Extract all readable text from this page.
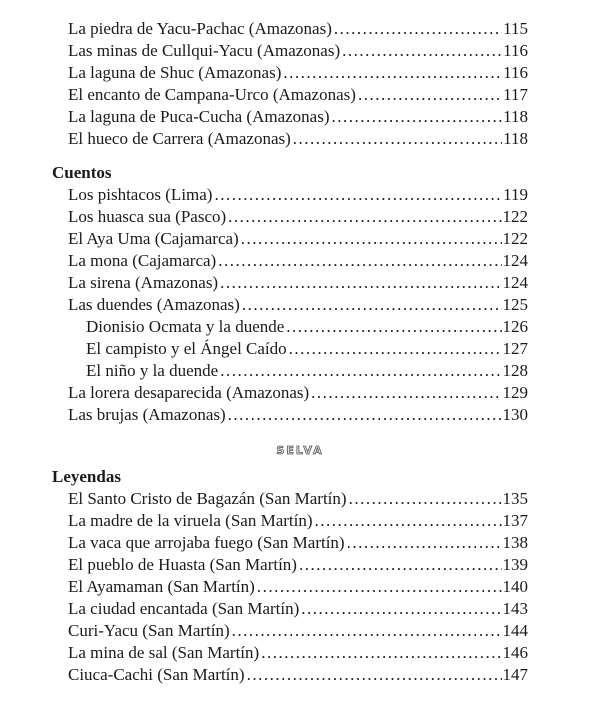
La piedra de Yacu-Pachac (Amazonas) .....	115
Las minas de Cullqui-Yacu (Amazonas) .....	116
La laguna de Shuc (Amazonas) .....	116
El encanto de Campana-Urco (Amazonas) .....	117
La laguna de Puca-Cucha (Amazonas) .....	118
El hueco de Carrera (Amazonas) .....	118
Cuentos
Los pishtacos (Lima) .....	119
Los huasca sua (Pasco) .....	122
El Aya Uma (Cajamarca) .....	122
La mona (Cajamarca) .....	124
La sirena (Amazonas) .....	124
Las duendes (Amazonas) .....	125
Dionisio Ocmata y la duende .....	126
El campisto y el Ángel Caído .....	127
El niño y la duende .....	128
La lorera desaparecida (Amazonas) .....	129
Las brujas (Amazonas) .....	130
SELVA
Leyendas
El Santo Cristo de Bagazán (San Martín) .....	135
La madre de la viruela (San Martín) .....	137
La vaca que arrojaba fuego (San Martín) .....	138
El pueblo de Huasta (San Martín) .....	139
El Ayamaman (San Martín) .....	140
La ciudad encantada (San Martín) .....	143
Curi-Yacu (San Martín) .....	144
La mina de sal (San Martín) .....	146
Ciuca-Cachi (San Martín) .....	147
